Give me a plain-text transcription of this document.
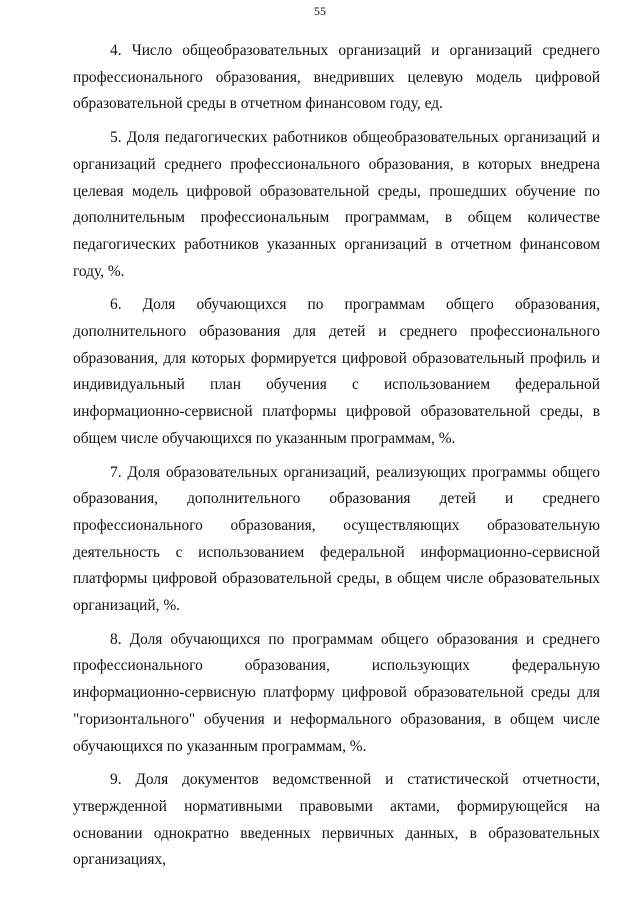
55

4. Число общеобразовательных организаций и организаций среднего профессионального образования, внедривших целевую модель цифровой образовательной среды в отчетном финансовом году, ед.

5. Доля педагогических работников общеобразовательных организаций и организаций среднего профессионального образования, в которых внедрена целевая модель цифровой образовательной среды, прошедших обучение по дополнительным профессиональным программам, в общем количестве педагогических работников указанных организаций в отчетном финансовом году, %.

6. Доля обучающихся по программам общего образования, дополнительного образования для детей и среднего профессионального образования, для которых формируется цифровой образовательный профиль и индивидуальный план обучения с использованием федеральной информационно-сервисной платформы цифровой образовательной среды, в общем числе обучающихся по указанным программам, %.

7. Доля образовательных организаций, реализующих программы общего образования, дополнительного образования детей и среднего профессионального образования, осуществляющих образовательную деятельность с использованием федеральной информационно-сервисной платформы цифровой образовательной среды, в общем числе образовательных организаций, %.

8. Доля обучающихся по программам общего образования и среднего профессионального образования, использующих федеральную информационно-сервисную платформу цифровой образовательной среды для "горизонтального" обучения и неформального образования, в общем числе обучающихся по указанным программам, %.

9. Доля документов ведомственной и статистической отчетности, утвержденной нормативными правовыми актами, формирующейся на основании однократно введенных первичных данных, в образовательных организациях,
